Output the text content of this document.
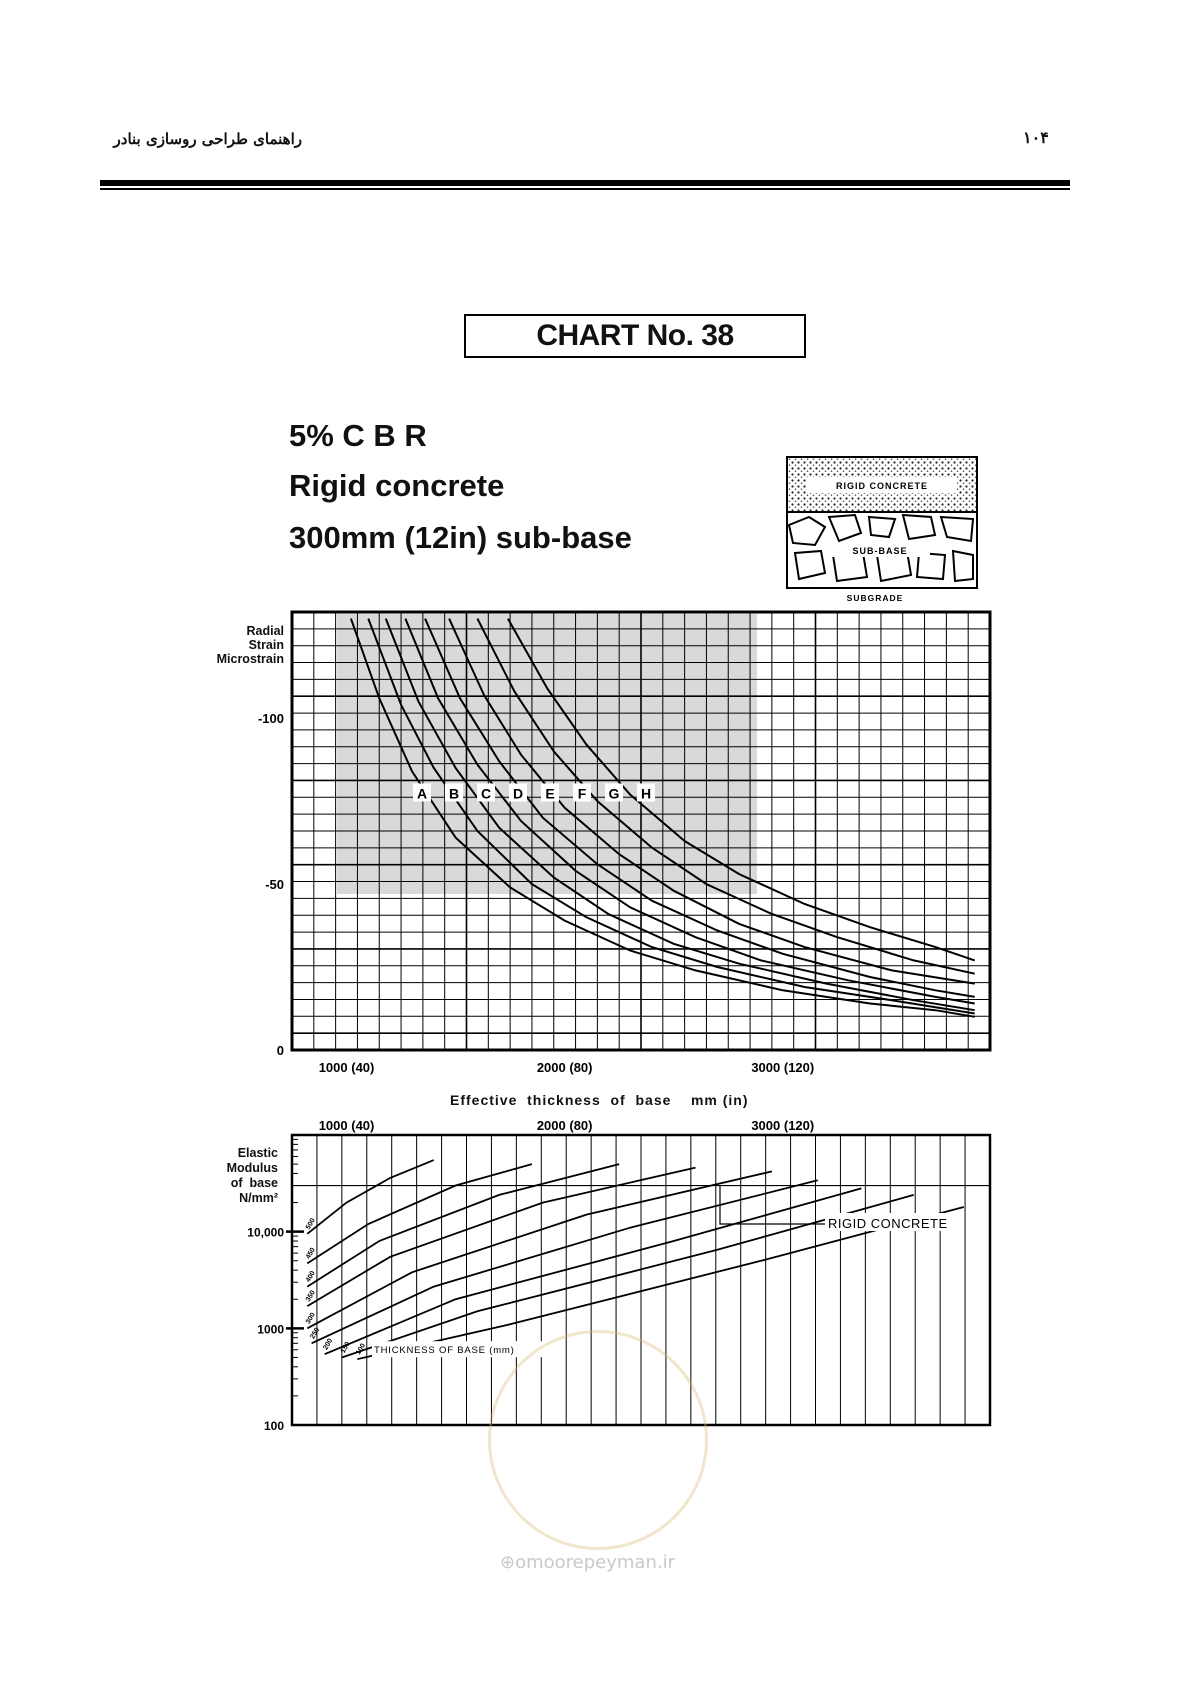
راهنمای طراحی روسازی بنادر	۱۰۴
CHART No. 38
5% C B R
Rigid concrete
300mm (12in) sub-base
RIGID CONCRETE
SUB-BASE
SUBGRADE
Radial
Strain
Microstrain
Effective  thickness  of  base    mm (in)
Elastic
Modulus
of  base
N/mm²
A B C D E F G H
1000 (40)	2000 (80)	3000 (120)
0
-50
-100
500
450
400
350
300
250
200 150 100
1000 (40)	2000 (80)	3000 (120)
100
1000
10,000
RIGID CONCRETE
THICKNESS OF BASE (mm)
⊕omoorepeyman.ir
